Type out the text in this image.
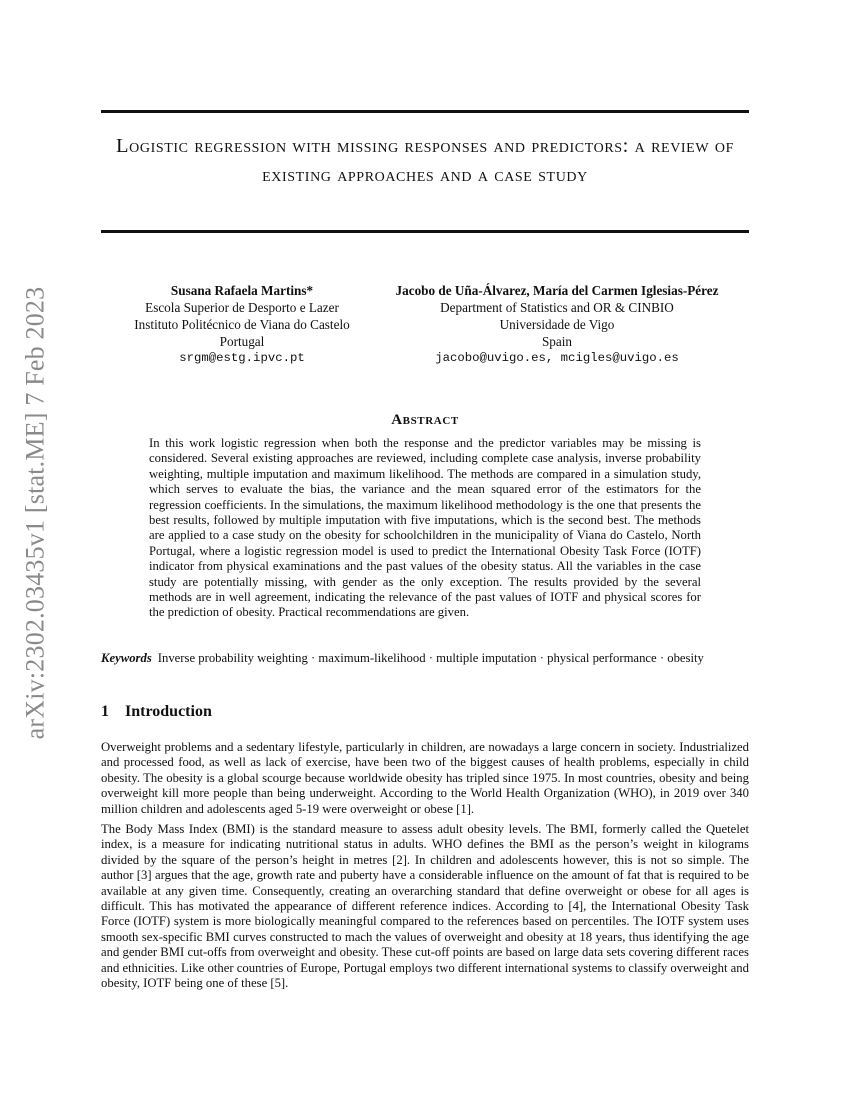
arXiv:2302.03435v1 [stat.ME] 7 Feb 2023
Logistic regression with missing responses and predictors: a review of existing approaches and a case study
Susana Rafaela Martins*
Escola Superior de Desporto e Lazer
Instituto Politécnico de Viana do Castelo
Portugal
srgm@estg.ipvc.pt
Jacobo de Uña-Álvarez, María del Carmen Iglesias-Pérez
Department of Statistics and OR & CINBIO
Universidade de Vigo
Spain
jacobo@uvigo.es, mcigles@uvigo.es
Abstract
In this work logistic regression when both the response and the predictor variables may be missing is considered. Several existing approaches are reviewed, including complete case analysis, inverse probability weighting, multiple imputation and maximum likelihood. The methods are compared in a simulation study, which serves to evaluate the bias, the variance and the mean squared error of the estimators for the regression coefficients. In the simulations, the maximum likelihood methodology is the one that presents the best results, followed by multiple imputation with five imputations, which is the second best. The methods are applied to a case study on the obesity for schoolchildren in the municipality of Viana do Castelo, North Portugal, where a logistic regression model is used to predict the International Obesity Task Force (IOTF) indicator from physical examinations and the past values of the obesity status. All the variables in the case study are potentially missing, with gender as the only exception. The results provided by the several methods are in well agreement, indicating the relevance of the past values of IOTF and physical scores for the prediction of obesity. Practical recommendations are given.
Keywords Inverse probability weighting · maximum-likelihood · multiple imputation · physical performance · obesity
1 Introduction
Overweight problems and a sedentary lifestyle, particularly in children, are nowadays a large concern in society. Industrialized and processed food, as well as lack of exercise, have been two of the biggest causes of health problems, especially in child obesity. The obesity is a global scourge because worldwide obesity has tripled since 1975. In most countries, obesity and being overweight kill more people than being underweight. According to the World Health Organization (WHO), in 2019 over 340 million children and adolescents aged 5-19 were overweight or obese [1].
The Body Mass Index (BMI) is the standard measure to assess adult obesity levels. The BMI, formerly called the Quetelet index, is a measure for indicating nutritional status in adults. WHO defines the BMI as the person’s weight in kilograms divided by the square of the person’s height in metres [2]. In children and adolescents however, this is not so simple. The author [3] argues that the age, growth rate and puberty have a considerable influence on the amount of fat that is required to be available at any given time. Consequently, creating an overarching standard that define overweight or obese for all ages is difficult. This has motivated the appearance of different reference indices. According to [4], the International Obesity Task Force (IOTF) system is more biologically meaningful compared to the references based on percentiles. The IOTF system uses smooth sex-specific BMI curves constructed to mach the values of overweight and obesity at 18 years, thus identifying the age and gender BMI cut-offs from overweight and obesity. These cut-off points are based on large data sets covering different races and ethnicities. Like other countries of Europe, Portugal employs two different international systems to classify overweight and obesity, IOTF being one of these [5].
